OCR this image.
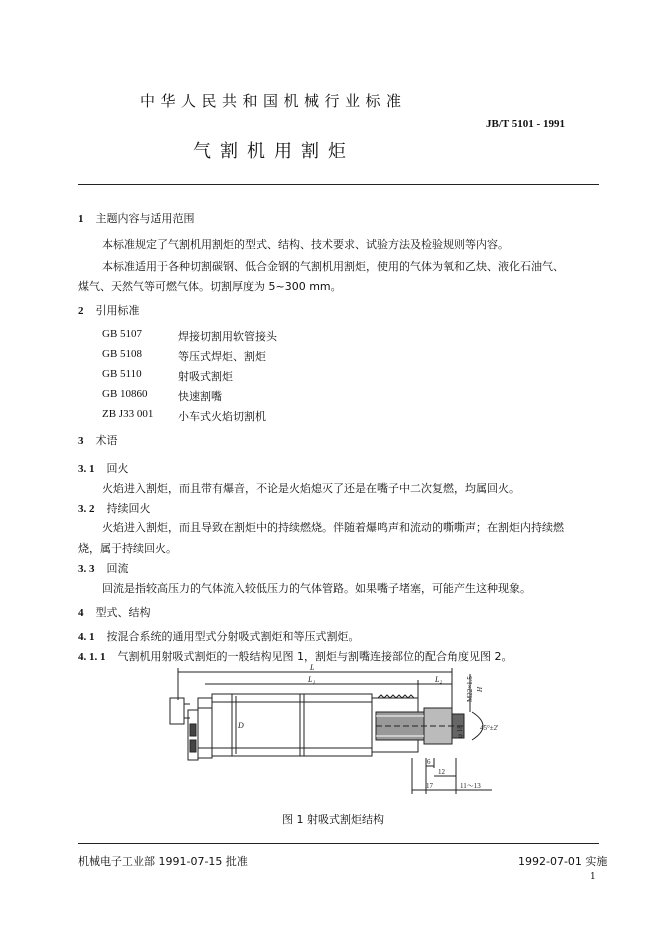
中华人民共和国机械行业标准
JB/T 5101 - 1991
气割机用割炬
1 主题内容与适用范围
本标准规定了气割机用割炬的型式、结构、技术要求、试验方法及检验规则等内容。
本标准适用于各种切割碳钢、低合金钢的气割机用割炬，使用的气体为氧和乙炔、液化石油气、
煤气、天然气等可燃气体。切割厚度为 5~300 mm。
2 引用标准
GB 5107	焊接切割用软管接头
GB 5108	等压式焊炬、割炬
GB 5110	射吸式割炬
GB 10860	快速割嘴
ZB J33 001 小车式火焰切割机
3 术语
3. 1 回火
火焰进入割炬，而且带有爆音，不论是火焰熄灭了还是在嘴子中二次复燃，均属回火。
3. 2 持续回火
火焰进入割炬，而且导致在割炬中的持续燃烧。伴随着爆鸣声和流动的嘶嘶声；在割炬内持续燃
烧，属于持续回火。
3. 3 回流
回流是指较高压力的气体流入较低压力的气体管路。如果嘴子堵塞，可能产生这种现象。
4 型式、结构
4. 1 按混合系统的通用型式分射吸式割炬和等压式割炬。
4. 1. 1 气割机用射吸式割炬的一般结构见图 1，割炬与割嘴连接部位的配合角度见图 2。
L
L₁	L₂
D
M22×1.5 H
φ 18 45°±2'
6
12
17	11～13
图 1 射吸式割炬结构
机械电子工业部 1991-07-15 批准	1992-07-01 实施
1
